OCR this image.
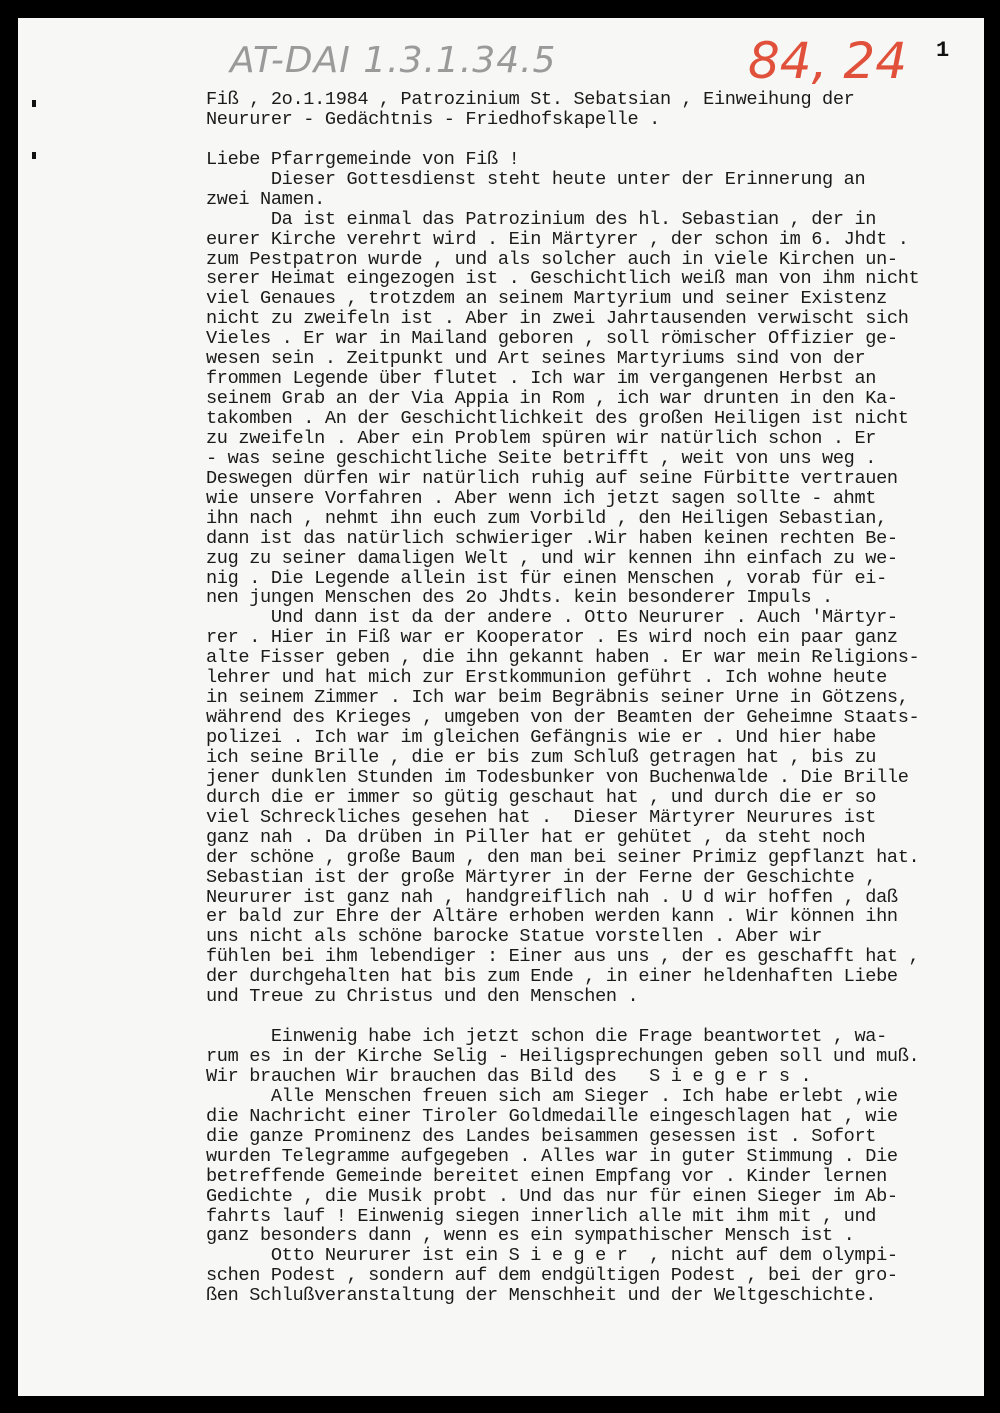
AT-DAI 1.3.1.34.5	84, 24 1
Fiß , 2o.1.1984 , Patrozinium St. Sebatsian , Einweihung der
Neururer - Gedächtnis - Friedhofskapelle .
Liebe Pfarrgemeinde von Fiß !
Dieser Gottesdienst steht heute unter der Erinnerung an
zwei Namen.
Da ist einmal das Patrozinium des hl. Sebastian , der in
eurer Kirche verehrt wird . Ein Märtyrer , der schon im 6. Jhdt .
zum Pestpatron wurde , und als solcher auch in viele Kirchen un-
serer Heimat eingezogen ist . Geschichtlich weiß man von ihm nicht
viel Genaues , trotzdem an seinem Martyrium und seiner Existenz
nicht zu zweifeln ist . Aber in zwei Jahrtausenden verwischt sich
Vieles . Er war in Mailand geboren , soll römischer Offizier ge-
wesen sein . Zeitpunkt und Art seines Martyriums sind von der
frommen Legende über flutet . Ich war im vergangenen Herbst an
seinem Grab an der Via Appia in Rom , ich war drunten in den Ka-
takomben . An der Geschichtlichkeit des großen Heiligen ist nicht
zu zweifeln . Aber ein Problem spüren wir natürlich schon . Er
- was seine geschichtliche Seite betrifft , weit von uns weg .
Deswegen dürfen wir natürlich ruhig auf seine Fürbitte vertrauen
wie unsere Vorfahren . Aber wenn ich jetzt sagen sollte - ahmt
ihn nach , nehmt ihn euch zum Vorbild , den Heiligen Sebastian,
dann ist das natürlich schwieriger .Wir haben keinen rechten Be-
zug zu seiner damaligen Welt , und wir kennen ihn einfach zu we-
nig . Die Legende allein ist für einen Menschen , vorab für ei-
nen jungen Menschen des 2o Jhdts. kein besonderer Impuls .
Und dann ist da der andere . Otto Neururer . Auch 'Märtyr-
rer . Hier in Fiß war er Kooperator . Es wird noch ein paar ganz
alte Fisser geben , die ihn gekannt haben . Er war mein Religions-
lehrer und hat mich zur Erstkommunion geführt . Ich wohne heute
in seinem Zimmer . Ich war beim Begräbnis seiner Urne in Götzens,
während des Krieges , umgeben von der Beamten der Geheimne Staats-
polizei . Ich war im gleichen Gefängnis wie er . Und hier habe
ich seine Brille , die er bis zum Schluß getragen hat , bis zu
jener dunklen Stunden im Todesbunker von Buchenwalde . Die Brille
durch die er immer so gütig geschaut hat , und durch die er so
viel Schreckliches gesehen hat .  Dieser Märtyrer Neurures ist
ganz nah . Da drüben in Piller hat er gehütet , da steht noch
der schöne , große Baum , den man bei seiner Primiz gepflanzt hat.
Sebastian ist der große Märtyrer in der Ferne der Geschichte ,
Neururer ist ganz nah , handgreiflich nah . U d wir hoffen , daß
er bald zur Ehre der Altäre erhoben werden kann . Wir können ihn
uns nicht als schöne barocke Statue vorstellen . Aber wir
fühlen bei ihm lebendiger : Einer aus uns , der es geschafft hat ,
der durchgehalten hat bis zum Ende , in einer heldenhaften Liebe
und Treue zu Christus und den Menschen .
Einwenig habe ich jetzt schon die Frage beantwortet , wa-
rum es in der Kirche Selig - Heiligsprechungen geben soll und muß.
Wir brauchen Wir brauchen das Bild des   S i e g e r s .
Alle Menschen freuen sich am Sieger . Ich habe erlebt ,wie
die Nachricht einer Tiroler Goldmedaille eingeschlagen hat , wie
die ganze Prominenz des Landes beisammen gesessen ist . Sofort
wurden Telegramme aufgegeben . Alles war in guter Stimmung . Die
betreffende Gemeinde bereitet einen Empfang vor . Kinder lernen
Gedichte , die Musik probt . Und das nur für einen Sieger im Ab-
fahrts lauf ! Einwenig siegen innerlich alle mit ihm mit , und
ganz besonders dann , wenn es ein sympathischer Mensch ist .
Otto Neururer ist ein S i e g e r  , nicht auf dem olympi-
schen Podest , sondern auf dem endgültigen Podest , bei der gro-
ßen Schlußveranstaltung der Menschheit und der Weltgeschichte.
